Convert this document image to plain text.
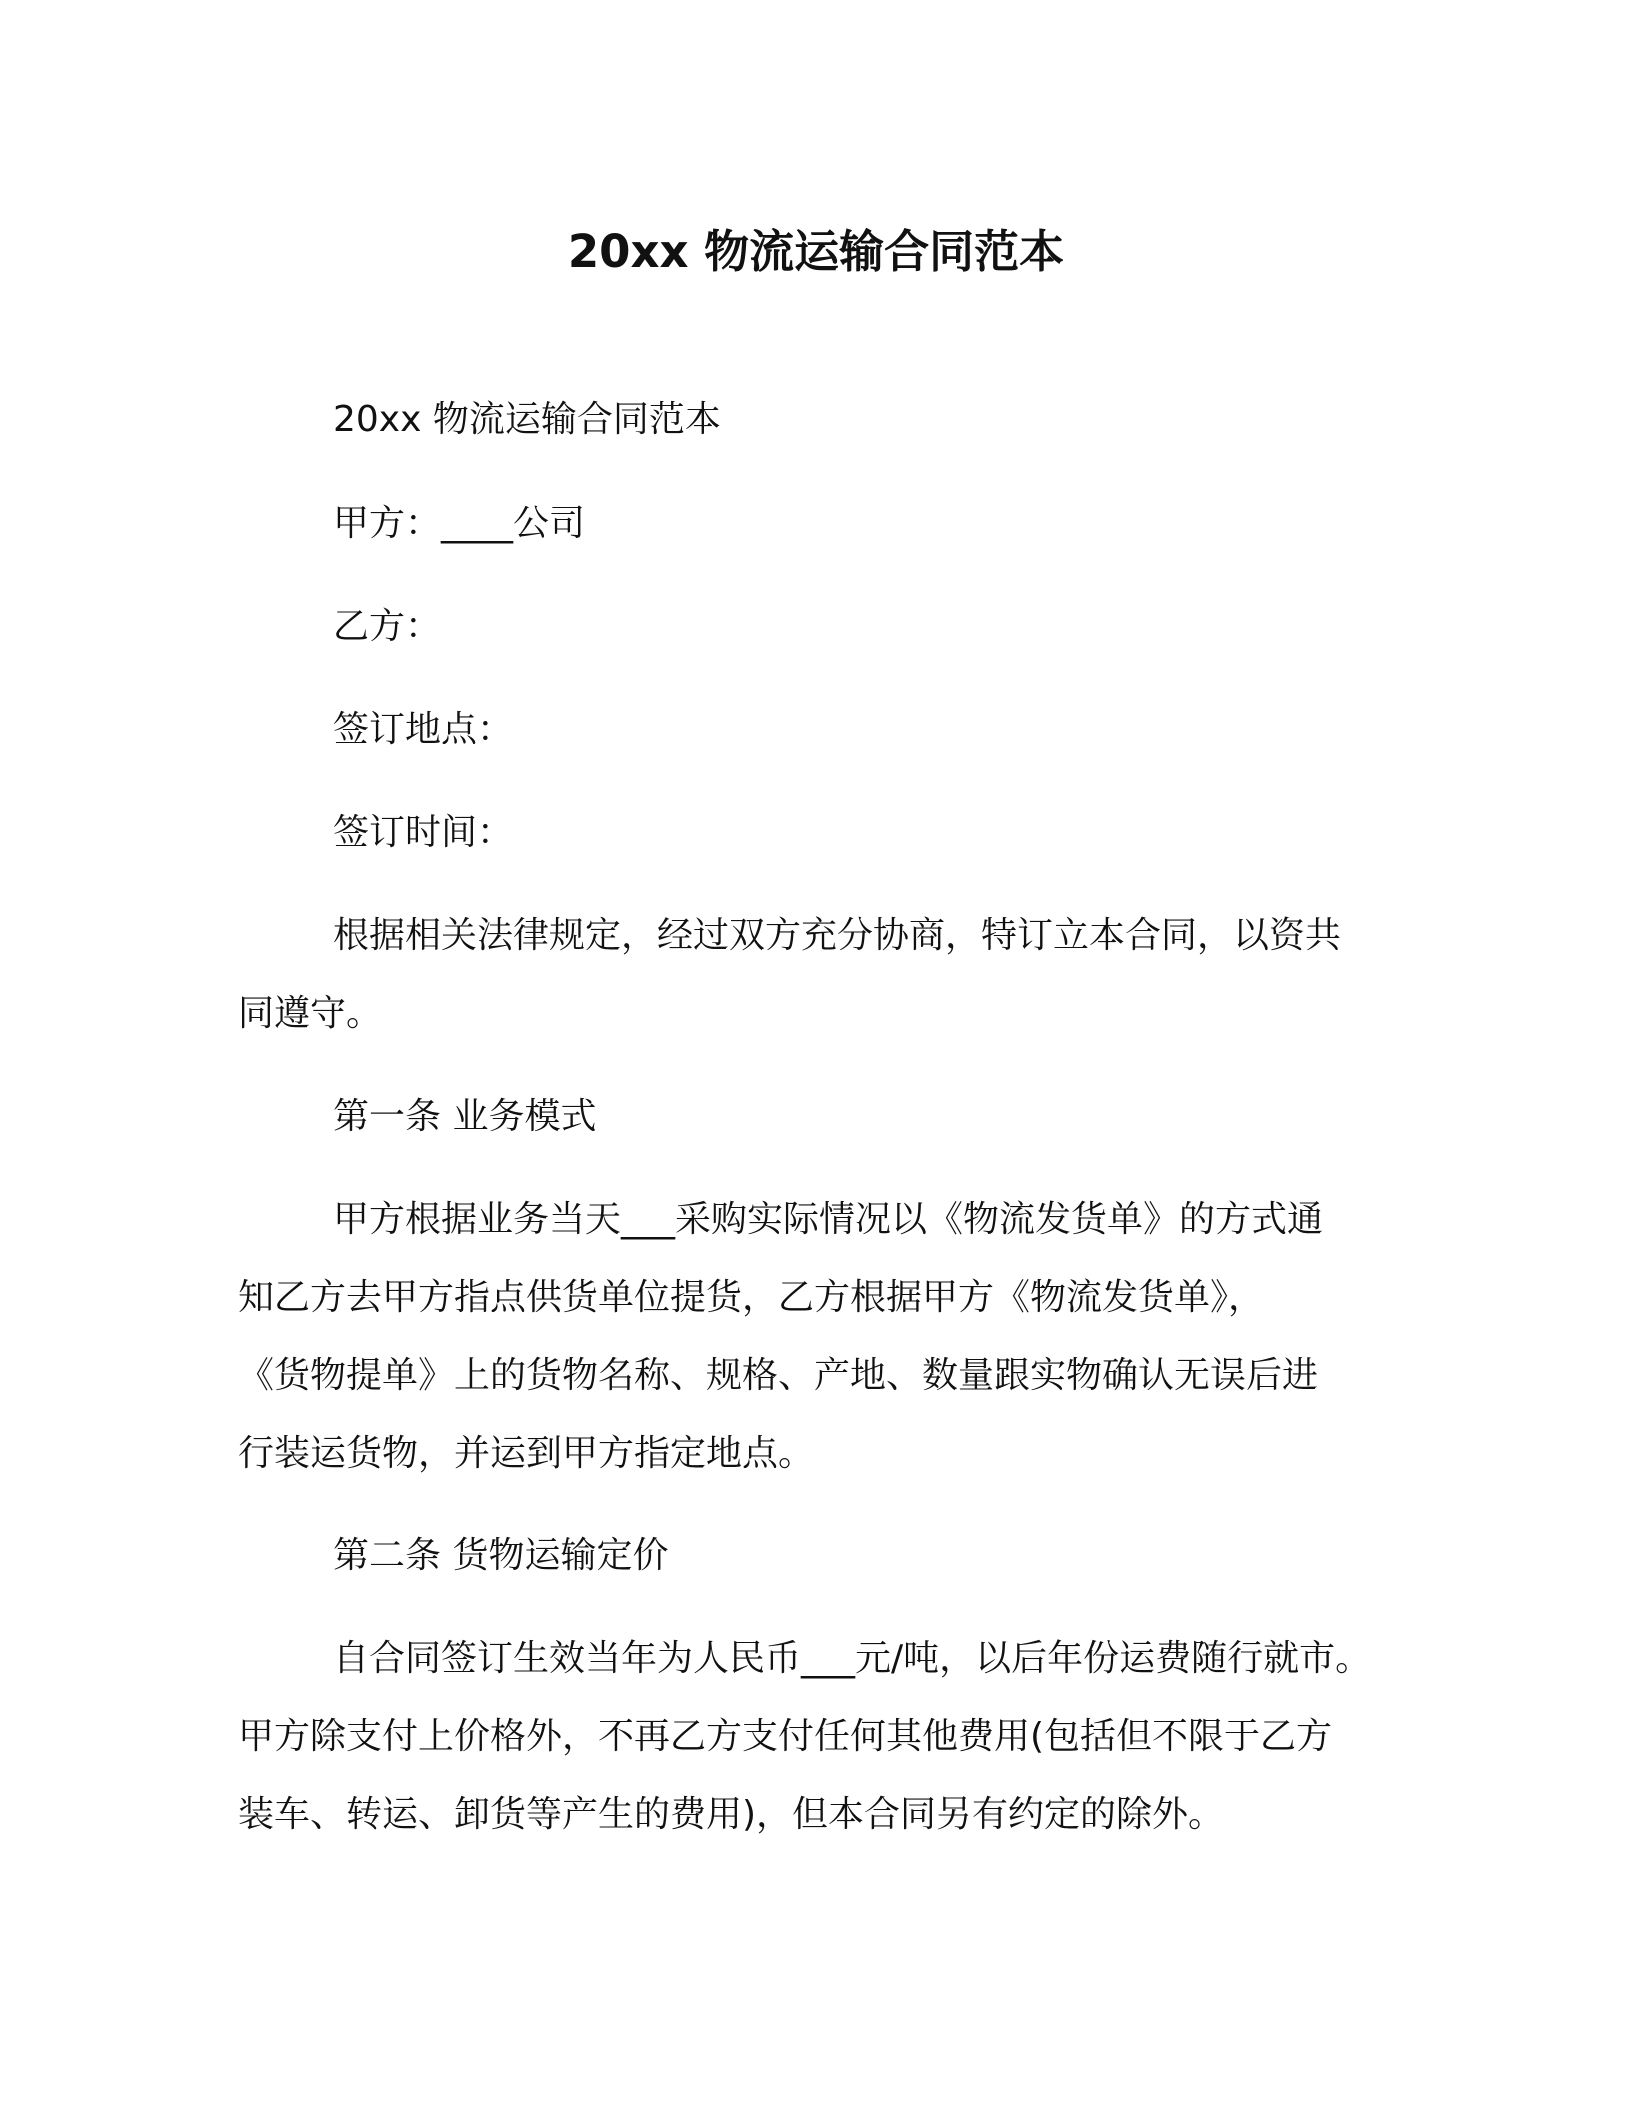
20xx 物流运输合同范本
20xx 物流运输合同范本
甲方：____公司
乙方：
签订地点：
签订时间：
根据相关法律规定，经过双方充分协商，特订立本合同，以资共
同遵守。
第一条 业务模式
甲方根据业务当天___采购实际情况以《物流发货单》的方式通
知乙方去甲方指点供货单位提货，乙方根据甲方《物流发货单》，
《货物提单》上的货物名称、规格、产地、数量跟实物确认无误后进
行装运货物，并运到甲方指定地点。
第二条 货物运输定价
自合同签订生效当年为人民币___元/吨，以后年份运费随行就市。
甲方除支付上价格外，不再乙方支付任何其他费用(包括但不限于乙方
装车、转运、卸货等产生的费用)，但本合同另有约定的除外。
